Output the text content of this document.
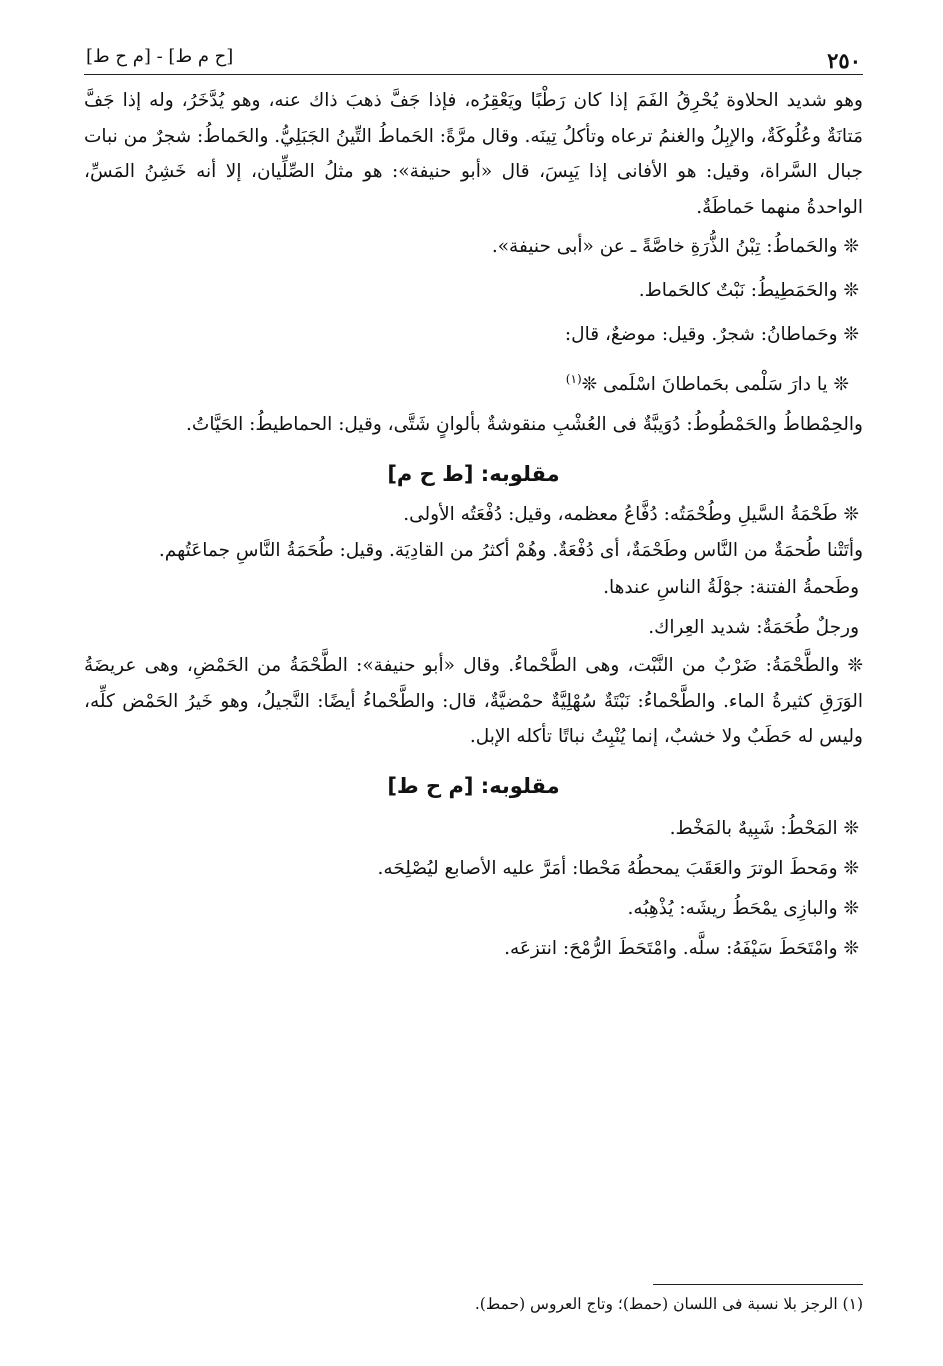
٢٥٠
[ح م ط] - [م ح ط]

وهو شديد الحلاوة يُحْرِقُ الفَمَ إذا كان رَطْبًا ويَعْقِرُه، فإذا جَفَّ ذهبَ ذاك عنه، وهو يُدَّخَرُ، وله إذا جَفَّ مَتانَةٌ وعُلُوكَةٌ، والإبِلُ والغنمُ ترعاه وتأكلُ تِينَه. وقال مرَّةً: الحَماطُ التِّينُ الجَبَلِيُّ. والحَماطُ: شجرٌ من نبات جبال السَّراة، وقيل: هو الأفانى إذا يَبِسَ، قال «أبو حنيفة»: هو مثلُ الصِّلِّيان، إلا أنه خَشِنُ المَسِّ، الواحدةُ منهما حَماطَةٌ.

❊ والحَماطُ: تِبْنُ الذُّرَةِ خاصَّةً ـ عن «أبى حنيفة».

❊ والحَمَطِيطُ: نَبْتٌ كالحَماط.

❊ وحَماطانُ: شجرٌ. وقيل: موضعٌ، قال:

❊ يا دارَ سَلْمى بحَماطانَ اسْلَمى ❊$^{(١)}$

والحِمْطاطُ والحَمْطُوطُ: دُوَيبَّةٌ فى العُشْبِ منقوشةٌ بألوانٍ شَتَّى، وقيل: الحماطيطُ: الحَيَّاتُ.

مقلوبه: [ط ح م]

❊ طَحْمَةُ السَّيلِ وطُحْمَتُه: دُفَّاعُ معظمه، وقيل: دُفْعَتُه الأولى.

وأتَتْنا طُحمَةٌ من النَّاس وطَحْمَةٌ، أى دُفْعَةٌ. وهُمْ أكثرُ من القادِيَة. وقيل: طُحَمَةُ النَّاسِ جماعَتُهم.

وطَحمةُ الفتنة: جوْلَةُ الناسِ عندها.

ورجلٌ طُحَمَةٌ: شديد العِراك.

❊ والطَّحْمَةُ: ضَرْبٌ من النَّبْت، وهى الطَّحْماءُ. وقال «أبو حنيفة»: الطَّحْمَةُ من الحَمْضِ، وهى عريضَةُ الوَرَقِ كثيرةُ الماء. والطَّحْماءُ: نَبْتَةٌ سُهْلِيَّةٌ حمْضيَّةٌ، قال: والطَّحْماءُ أيضًا: النَّجيلُ، وهو خَيرُ الحَمْض كلِّه، وليس له حَطَبٌ ولا خشبٌ، إنما يُنْبِتُ نباتًا تأكله الإبل.

مقلوبه: [م ح ط]

❊ المَحْطُ: شَبِيهٌ بالمَخْط.

❊ ومَحطَ الوترَ والعَقَبَ يمحطُهُ مَحْطا: أمَرَّ عليه الأصابع ليُصْلِحَه.

❊ والبازِى يمْحَطُ ريشَه: يُذْهِبُه.

❊ وامْتَحَطَ سَيْفَهُ: سلَّه. وامْتَحَطَ الرُّمْحَ: انتزعَه.

(١) الرجز بلا نسبة فى اللسان (حمط)؛ وتاج العروس (حمط).
